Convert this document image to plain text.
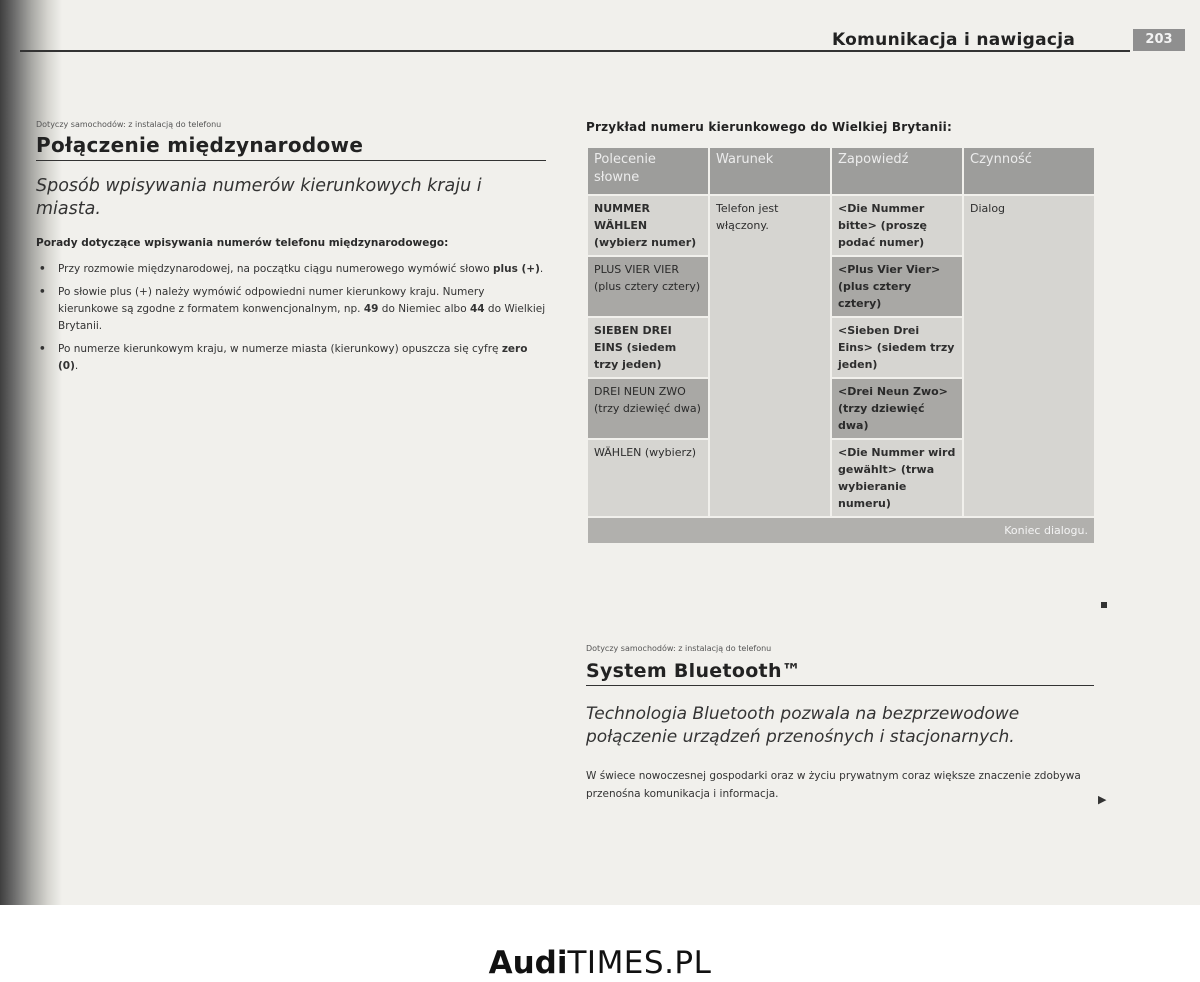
Komunikacja i nawigacja	203
Dotyczy samochodów: z instalacją do telefonu
Połączenie międzynarodowe
Sposób wpisywania numerów kierunkowych kraju i miasta.
Porady dotyczące wpisywania numerów telefonu międzynarodowego:
• Przy rozmowie międzynarodowej, na początku ciągu numerowego wymówić słowo plus (+).
• Po słowie plus (+) należy wymówić odpowiedni numer kierunkowy kraju. Numery kierunkowe są zgodne z formatem konwencjonalnym, np. 49 do Niemiec albo 44 do Wielkiej Brytanii.
• Po numerze kierunkowym kraju, w numerze miasta (kierunkowy) opuszcza się cyfrę zero (0).
Przykład numeru kierunkowego do Wielkiej Brytanii:
Polecenie słowne	Warunek	Zapowiedź	Czynność
NUMMER WÄHLEN (wybierz numer)	Telefon jest włączony.	<Die Nummer bitte> (proszę podać numer)	Dialog
PLUS VIER VIER (plus cztery cztery)		<Plus Vier Vier> (plus cztery cztery)	
SIEBEN DREI EINS (siedem trzy jeden)		<Sieben Drei Eins> (siedem trzy jeden)	
DREI NEUN ZWO (trzy dziewięć dwa)		<Drei Neun Zwo> (trzy dziewięć dwa)	
WÄHLEN (wybierz)		<Die Nummer wird gewählt> (trwa wybieranie numeru)	
Koniec dialogu.			
Dotyczy samochodów: z instalacją do telefonu
System Bluetooth™
Technologia Bluetooth pozwala na bezprzewodowe połączenie urządzeń przenośnych i stacjonarnych.
W świece nowoczesnej gospodarki oraz w życiu prywatnym coraz większe znaczenie zdobywa przenośna komunikacja i informacja.	▶
AudiTIMES.PL
